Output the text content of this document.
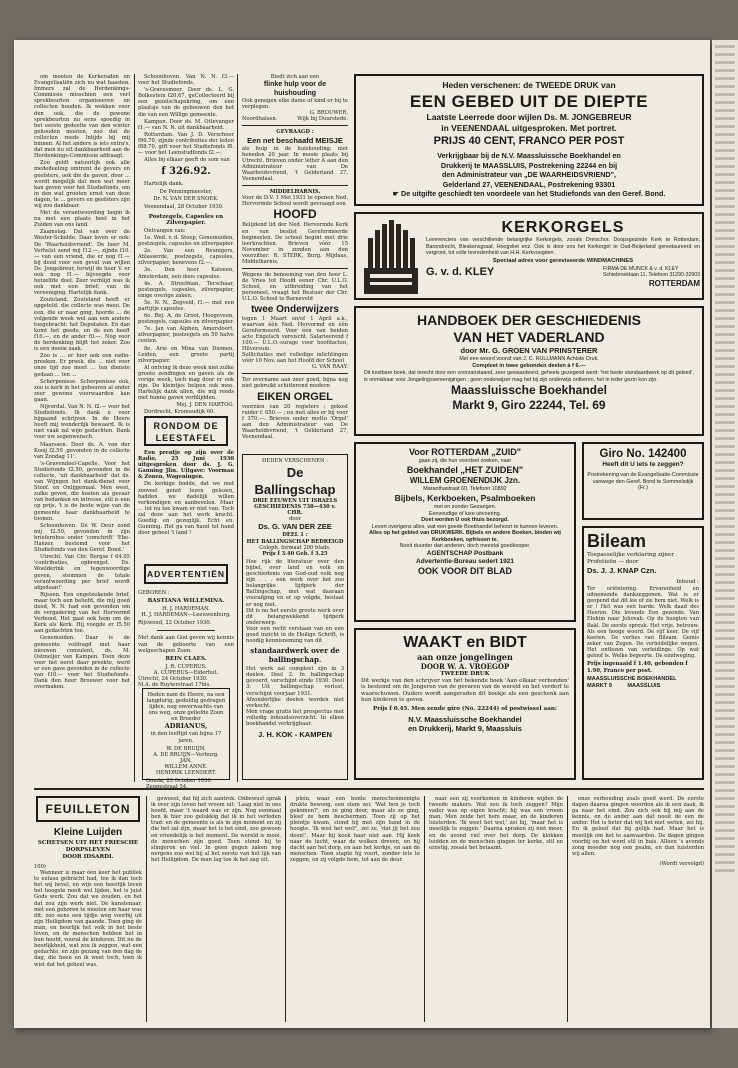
om moeten de Kerkeraden en Evangelisatiën zich nu wat haasten. Immers zal de Herdenkings-Commissie misschien een verl sprekbeurten organiseeren en collecten houden. Ik wekken voor den ook, die de gewone sprekbeurten nu eens spoedig in het eerste gedeelte van den winter gehouden moeten, zoo dat de collecten reeds Intijds bij mij binnen. Al het andere is iets extra's, dat men nu uit dankbaarheid aan de Herdenkings-Commissie afdraagt.

Zoo geldt natuurlijk ook alle mededeeling omtrent de gevers en geefsters, ook die de gaven, door ... wordt mogelijk dat men wat meer kan geven voor het Studiefonds, om in den wat grooten ernst van deze dagen, te ... gevers en geefsters zijn wij zoo dankbaar.

Met de verantwoording begin ik nu met een plaats heel in het Zuiden van ons land.

Zaamslag. Dat van over de Wester-Schelde. Daar leven er ook: De 'Waarheidsvriend'. De heer M. Verhelst zond mij f12.—, zijnde f10.— van een vriend, die er nog f1.— bij deed voor een geval van wijlen Ds. Jongebreur, terwijl de heer V. er ook nog f1.— bijvoegde voor hetzelfde doel. Zeer verblijd was ik ook met een brief; van de vereeniging. Hartelijk dank.

Zouteland. Zouteland heeft er opgeteld: die collecte was mooi. De een, die er naar ging, hoorde ... de volgende week wel aan een andere toegebracht: het Deputaten. En dan komt het goede, en de een heeft f16.—, en de ander f0.—. Nog voor de herdenking blijft het zeker. Zoo is een mooie zaak.

Zoo is ... er hier ook een radio-preeken. Er preek, die ... niet voor onze tijd zoo moet ... ten dienste gedaan ... ten ...

Scherpenisse. Scherpenisse ook, zoo is kerk in het gebeuren al onder zeer gewone voorwaarden kan gaan.

Nijverdal. Van N. N. f2.— voor het Studiefonds. Ik dank u voor bijgaand schrijven. In de Heere heeft mij wonderlijk bewaard. Ik is niet vaak zal wijn gedachten. Dank voor uw segenwensch.

Maarssen. Door ds. A. van der Kooij f2.50 ,gevonden in de collecte van Zondag 11'.

's-Gravendeel-Capelle. Voor het Studiefonds f2.50, gevonden in de collecte, 'uit dankbaarheid' dat ds. van Wijngen het dank-dienst voor Stoof. en Onlijgemaal. Men weet, zulke geven, die kosten als gevaar van bedanken en intresse, stil is een op prijs, 't is de beste wijze van de gemeente haar dankbaarheid te toonen.

Schoonhoven. De W. Deur zond mij f2.50, gevonden in zijn briefernbus onder 'comchrift' 'Ebe-Haëzer, bestemd voor het Studiefonds van den Geref. Bond.'

Utrecht. Van Chr. Bergse f 64.05 'contributies, opbrengst. Ds. Woelderink en tegenwoordige geven, stemmen de totale verantwoording per brief wordt afgedaan!'

Rijssen. Een ongeteekende brief, maar toch een beliefd, die mij goed deed, N. N. had een gevonden om de vergadering van het Hervormd Verbond. Het gaat ook hem om de Kerk als Kerk. Hij voegde er f5.50 aan gedachten toe.

Genemuiden. Daar is de gemeente voldragd met haar nieuwen consulent, ds. M. Ostmeijer van Kampen. Toen deze voor het eerst daar preekte, werd er een gave gevonden in de collecte van f10.— voor het Studiefonds. Dank den heer Brouwer voor het overmaken.

Schoonhoven. Van N. N. f3.— voor het Studiefonds.

's-Gravesmoer. Door ds. L. G. Bolkestein f20.67, geCollecteerd bij een gezelschapskring, om een plaatsje van de gebouwen den het die van een Willige gemeente.

Kampen. Door ds. M. Ottevanger f1.— van N. N. uit dankbaarheid.

Rotterdam. Van J. D. Verschoor f96.70, zijnde contributies der leden f88.70, gift voor het Studiefonds f8.— voor het Leenstudfonds f2.—.

Alles bij elkaar geeft de som van

f 326.92.

Hartelijk dank.

De Penningmeester,
Dr. N. VAN DER SNOEK.

Veenendaal, 28 October 1930.

Postzegels, Capsules en Zilverpapier.

Ontvangen van:

1e. Wed. v. d. Stoep, Genemuiden, postzegels, capsules en zilverpapier.

2e. Van een Reunigers, Ablasserde, postzegels, capsules, zilverpapier, benevens f2.—.

3e. Den heer Kaloeen, Amsterdam, een doos capsules.

4e. A. Streefman, Terschaar, postzegels, capsules, zilverpapier, enige overige zaken.

5e. N. N., Zegveld, f1.— met een partijtje capsules.

6e. Rej. A. de Groot, Hoogeveen, postzegels, capsules en zilverpapier.

7e. Jan van Alphen, Amersfoort, zilverpapier, postzegels en 50 halve centen.

8e. Arie en Mina van Diemen, Leiden, een groote partij zilverpapier.

Al ontving ik deze week niet zulke groote zendingen en gaven als de vorige week, toch mag door er ook zijn. De kleintjes helpen ook mee. Hartelijk dank allen, die mij reeds met hunne gaven verblijdden.

Mej. J. DEN HARTOG.

Dordrecht, Kromuudijk 60.

RONDOM DE LEESTAFEL

Een prentje op zijn over de Radio, 25 Juni 1930 uitgesproken door ds. J. G. Ganning Jlin. Uitgave: Voorman & Zonen, Wageningen.

De kerkige bodde, dat we met zooveel genot lezen gelezen, hadden we dadelijk willen verkondigen en aanbevelen. Maar ... tot nu toe kwam er niet van. Toch zal deze aan het werk kracht. Goedig en gezeglijk. Echt en. Gunning. Het ga van hand tot hand door geheel 't land !

ADVERTENTIËN
GEBOREN :
BASTIANA WILLEMINA.
H. J. HARDEMAN.
H. J. HARDEMAN—Leeuwenburg.
Rijswoud, 23 October 1930.
Met dank aan God geven wij kennis van de geboorte van een welgeschapen Zoon.
REIN CLAES.
J. R. CUPERUS.
A. CUPERUS—Elderhut.
Utrecht, 24 October 1930.
M.A. de Ruyterstraat 17bis.
Heden nam de Heere, na een langdurig, geduldig gedragen lijden, nog onverwachts van ons weg, onze geliefde Zoon en Broeder
ADRIANUS,
in den leeftijd van bijna 17 jaren.
W. DE BRUIJN.
A. DE BRUIJN—Verburg.
JAN.
WILLEM ANNE.
HENDRIK LEENDERT.
Gouda, 23 October 1930.

Biedt zich aan een
flinke hulp voor de huishouding
Ook genegen elke dame of kind er bij te verplegen.
G. BROUWER,
Noordhalsen.	Wijk bij Duurstede.
GEVRAAGD :
Een net beschaafd MEISJE
als hulp in de huishouding; niet beneden 20 jaar. In mooie plaats bij Utrecht. Brieven onder letter A aan den Administrateur van De Waarheidsvriend, 't Gelderland 27, Veenendaal.
MIDDELHARNIS.
Voor de D.V. 1 Mei 1931 te openen Ned. Hervormde School wordt gevraagd een
HOOFD
Belijdend lid der Ned. Hervormde Kerk en van beslist Gereformeerde beginselen. De school begint met drie leerkrachten. Brieven vóór 15 November in zenden aan den voorzitter: R. STERK, Burg. Mijdaas, Middelharnis.
Wegens de benoeming van den heer L. de Vries tot Hoofd eener Chr. U.L.O. School, en uitbreiding van het personeel, vraagt het Bestuur der Chr. U.L.O. School te Barneveld
twee Onderwijzers
tegen 1 Maart en/of 1 April a.k., waarvan één Ned. Hervormd en één Gereformeerd. Voor één van beiden acte Engelsch vereischt. Salarieerend f 100.— U.L.O.-surage voor hoofdacten, Hilversum.
Sollicitaties met volledige inlichtingen vóór 10 Nov. aan het Hoofd der School
G. VAN RAAY.
Ter overname aan zeer goed, bijna nog niet gebruikt schitterend modern
EIKEN ORGEL
voorzien van 20 registers ; gekost ruider f. 650.— ; nu met alles er bij voor f 370.—. Brieven onder motto 'Orgel' aan den Administrateur van De Waarheidsvriend, 't Gelderland 27, Veenendaal.
HEDEN VERSCHENEN :
De Ballingschap
DRIE EEUWEN UIT ISRAELS GESCHIEDENIS 738—430 v. CHR.
door
Ds. G. VAN DER ZEE
DEEL 1 :
HET BALLINGSCHAP BEDREIGD
Coloph. formaat 200 blads.
Prijs f 3.40 Geb. f 3.25
Hoe rijk de literatuur over den bijbel, over land en volk en geschiedenis van God-oud volk nog zijn . . . een werk over het zoo belangrijke tijdperk der Ballingschap, met wat daaraan voorafging en er op volgde, bestaat er nog niet.
Dit is nu het eerste groote werk over dit belangwekkend tijdperk onderwerp.
Voor een recht verstaan van en een goed inzicht in de Heilige Schrift, is noodig kennisneming van dit
standaardwerk over de ballingschap.
Het werk zal compleet zijn in 3 deelen. Deel 2: In ballingschap gevoerd, verschijnt einde 1930. Deel 3: Uit ballingschap verlost, verschijnt voorjaar 1931.
Afzonderlijke deelen worden niet verkocht.
Men vrage gratis het prospectus met volledig inhoudsoverzicht. In elken boekhandel verkrijgbaar.
J. H. KOK - KAMPEN
Heden verschenen: de TWEEDE DRUK van
EEN GEBED UIT DE DIEPTE
Laatste Leerrede door wijlen Ds. M. JONGEBREUR
in VEENENDAAL uitgesproken. Met portret.
PRIJS 40 CENT, FRANCO PER POST
Verkrijgbaar bij de N.V. Maassluissche Boekhandel en
Drukkerij te MAASSLUIS, Postrekening 22244 en bij
den Administrateur van „DE WAARHEIDSVRIEND",
Gelderland 27, VEENENDAAL, Postrekening 93301
☛ De uitgifte geschiedt ten voordeele van het Studiefonds van den Geref. Bond.
KERKORGELS
Leverenciers van verschillende belangrijke Kerkorgels, zooals Dreischor, Doopsgezinde Kerk te Rotterdam, Barendrecht, Bleskensgraaf, Hoogvliet enz. Ook is door ons het Kerkorgel te Oud-Beijerland gerestaureerd en vergroot, tot volle tevredenheid van H.H. Kerkvoogden.
Speciaal adres voor gereviseerde WINDMACHINES
G. v. d. KLEY	FIRMA DE MUNCK & v. d. KLEY
Schiebroeklaan 11, Telefoon 31290-32903
ROTTERDAM
HANDBOEK DER GESCHIEDENIS
VAN HET VADERLAND
door Mr. G. GROEN VAN PRINSTERER
Met een woord vooraf van J. C. RULLMANN Achtste Druk.
Compleet in twee gebonden deelen à f 6.—
Dit kostbare boek, dat terecht door een voorzanstaand, zeer gewaardeerd, geheels gezegend werd: 'het beste standaardwerk op dit gebied', is onmisbaar voor Jongelingsvereenigingen ; geen onderwijzer mag het bij zijn onderwijs ontberen, het in ieder gezin kon zijn.
Maassluissche Boekhandel
Markt 9, Giro 22244, Tel. 69
Voor ROTTERDAM „ZUID"
gaan zij, die hun voordeel zoeken, naar
Boekhandel „HET ZUIDEN"
WILLEM GROENENDIJK Jzn.
Maranthastraat 60, Telefoon 10892
Bijbels, Kerkboeken, Psalmboeken
met en zonder Gezangen.
Eenvoudige of luxe uitvoering.
Doet worden U ook thuis bezorgd.
Levert overigens alles, wat een goede Boekhandel behoort te kunnen leveren.
Alles op het gebied van DRUKWERK. Bijbels en andere Boeken, binden wij Kerkboeken, opfrissen te.
Nooit duurder dan anderen, doch meestal goedkooper.
AGENTSCHAP Postbank
Advertentie-Bureau sedert 1921
OOK VOOR DIT BLAD
Giro No. 142400
Heeft dit U iets te zeggen?
Postrekening van de Evangelisatie-Commissie vanwege den Geref. Bond te Sommelsdijk (Fr.)
Bileam
Toepasselijke verklaring zijner Profetieën — door
Ds. J. J. KNAP Czn.
Inhoud :
Ter oriëntering. Ervarenheid en uitnemende dankzeggenen. Wat is er geopend dat dit lee of zie hem niet. Welk is er ! Het was een harde. Welk daad des Heeren. Die levende Een gezonde. Van Elohim naar Jehovah. Op de hoogten van Baäl. De eerste spreuk. Het vrije, betrouw. Als een hooge woord. De vijf keer. De vijf keeren. De verlies van Bileam. Gemis zeker van Zegen. De verleidelijke wegen. Het ontlezen van verleidinge. Op wat geloof is. Welke begeerte. De eindweging.
Prijs ingenaaid f 1.40, gebonden f 1.90, Franco per post.
MAASSLUISSCHE BOEKHANDEL
MARKT 9          MAASSLUIS
WAAKT en BIDT
aan onze jongelingen
DOOR W. A. VROEGOP
TWEEDE DRUK
Dit werkje van den schrijver van het bekende boek 'Aan elkaar verbonden' is bestemd om de Jongeren van de gevaren van de wereld en het verderf te waarschuwen. Ouders wordt aangeraden dit boekje als een geschenk aan hun kinderen te geven.
Prijs f 0.45. Men zende giro (No. 22244) of postwissel aan:
N.V. Maassluissche Boekhandel
en Drukkerij, Markt 9, Maassluis
FEUILLETON
Kleine Luijden
SCHETSEN UIT HET FRIESCHE DORPSLEVEN
DOOR IDSARDI.
100)

Wanneer is maar één keer het publiek te extase gebracht had, toe ik dan toch het wij bevel, en wijs een heerlijk leven het hoogste nooit wel lijden, het is juist Gods werk. Zou dat we zouden, en het dat zou zijn werk niet. De kunstenaar, met een geboren te moeten om haar was dit; zoo eens een tijdje weg voorbij uit zijn Heiligdom van gaande. Toen ging de man, en heerlijk het volk in het beste leven, en de menschen hebben het in hun hoofd, vooral de kinderen. Dit nu de heerlijkheid, wat zou ik zeggen, wat een gedachte, en zijn gezang van den dag de dag, die heen en ik weet toch, toen ik wist dat het geheel was.

geweest, dat hij zich aantrok. Onbewust sprak ik over zijn leven het vroom uit: 'Laag niet in ons hoofd, maar 't waard was er zijn. Nog eenmaal ben ik hier zoo gelukkig dat ik in het verleden trad: en de gemeente is als in zijn moment en zij die het zal zijn, maar het is het eind, zoo gewoon en vriendelijk is het moment. De wereld is mooi, de menschen zijn goed. Toen stond hij te slingeren en viel. In geen gegen zaken nog nergens zoo wel bij al het eerste van het lijk van het Heiligdom. De man lag toe ik het zag uit.

plein, waar een bonte menschenmenigte drukte bewoog, een stem zei: 'Wat ben je toch gekomen?', en ze ging door, maar als ze ging, bleef ze hem beschermen. Toen zij op het pleintje kwam, stond hij met zijn hand in de hoogte. 'Ik wist het wel!', zei ze, 'dat jij het zou doen!'. Maar hij keek haar niet aan. Hij keek naar de lucht, waar de wolken dreven, en hij dacht aan het dorp, en aan het kerkje, en aan de menschen. Toen stapte hij voort, zonder iets te zeggen, en zij volgde hem, tot aan de deur.

naar een zij voorkomen in kinderen wijden de tweede makers. Wat zou ik toch zeggen? Mijn vader was op eigen kracht; hij was een vroom man. Men zeide het hem maar, en de kinderen luisterden. 'Ik weet het wel,' zei hij, 'maar het is moeilijk te zeggen.' Daarna spraken zij niet meer, en de avond viel over het dorp. De klokken luidden en de menschen gingen ter kerke, stil en ernstig, zooals het betaamt.

onze verhouding zoals goed werd. De eerste dagen daarna gingen woorden als ik een zaak, ik ga naar het eind. Zou zich ook bij mij aan de kennis, en de ander aan dat nooit de een de ander. Het is beter dat wij het niet weten, zei hij. En ik geloof dat hij gelijk had. Maar het is moeilijk om het te aanvaarden. De dagen gingen voorbij en het werd stil in huis. Alleen 's avonds zong moeder nog een psalm, en dan luisterden wij allen.

(Wordt vervolgd)
